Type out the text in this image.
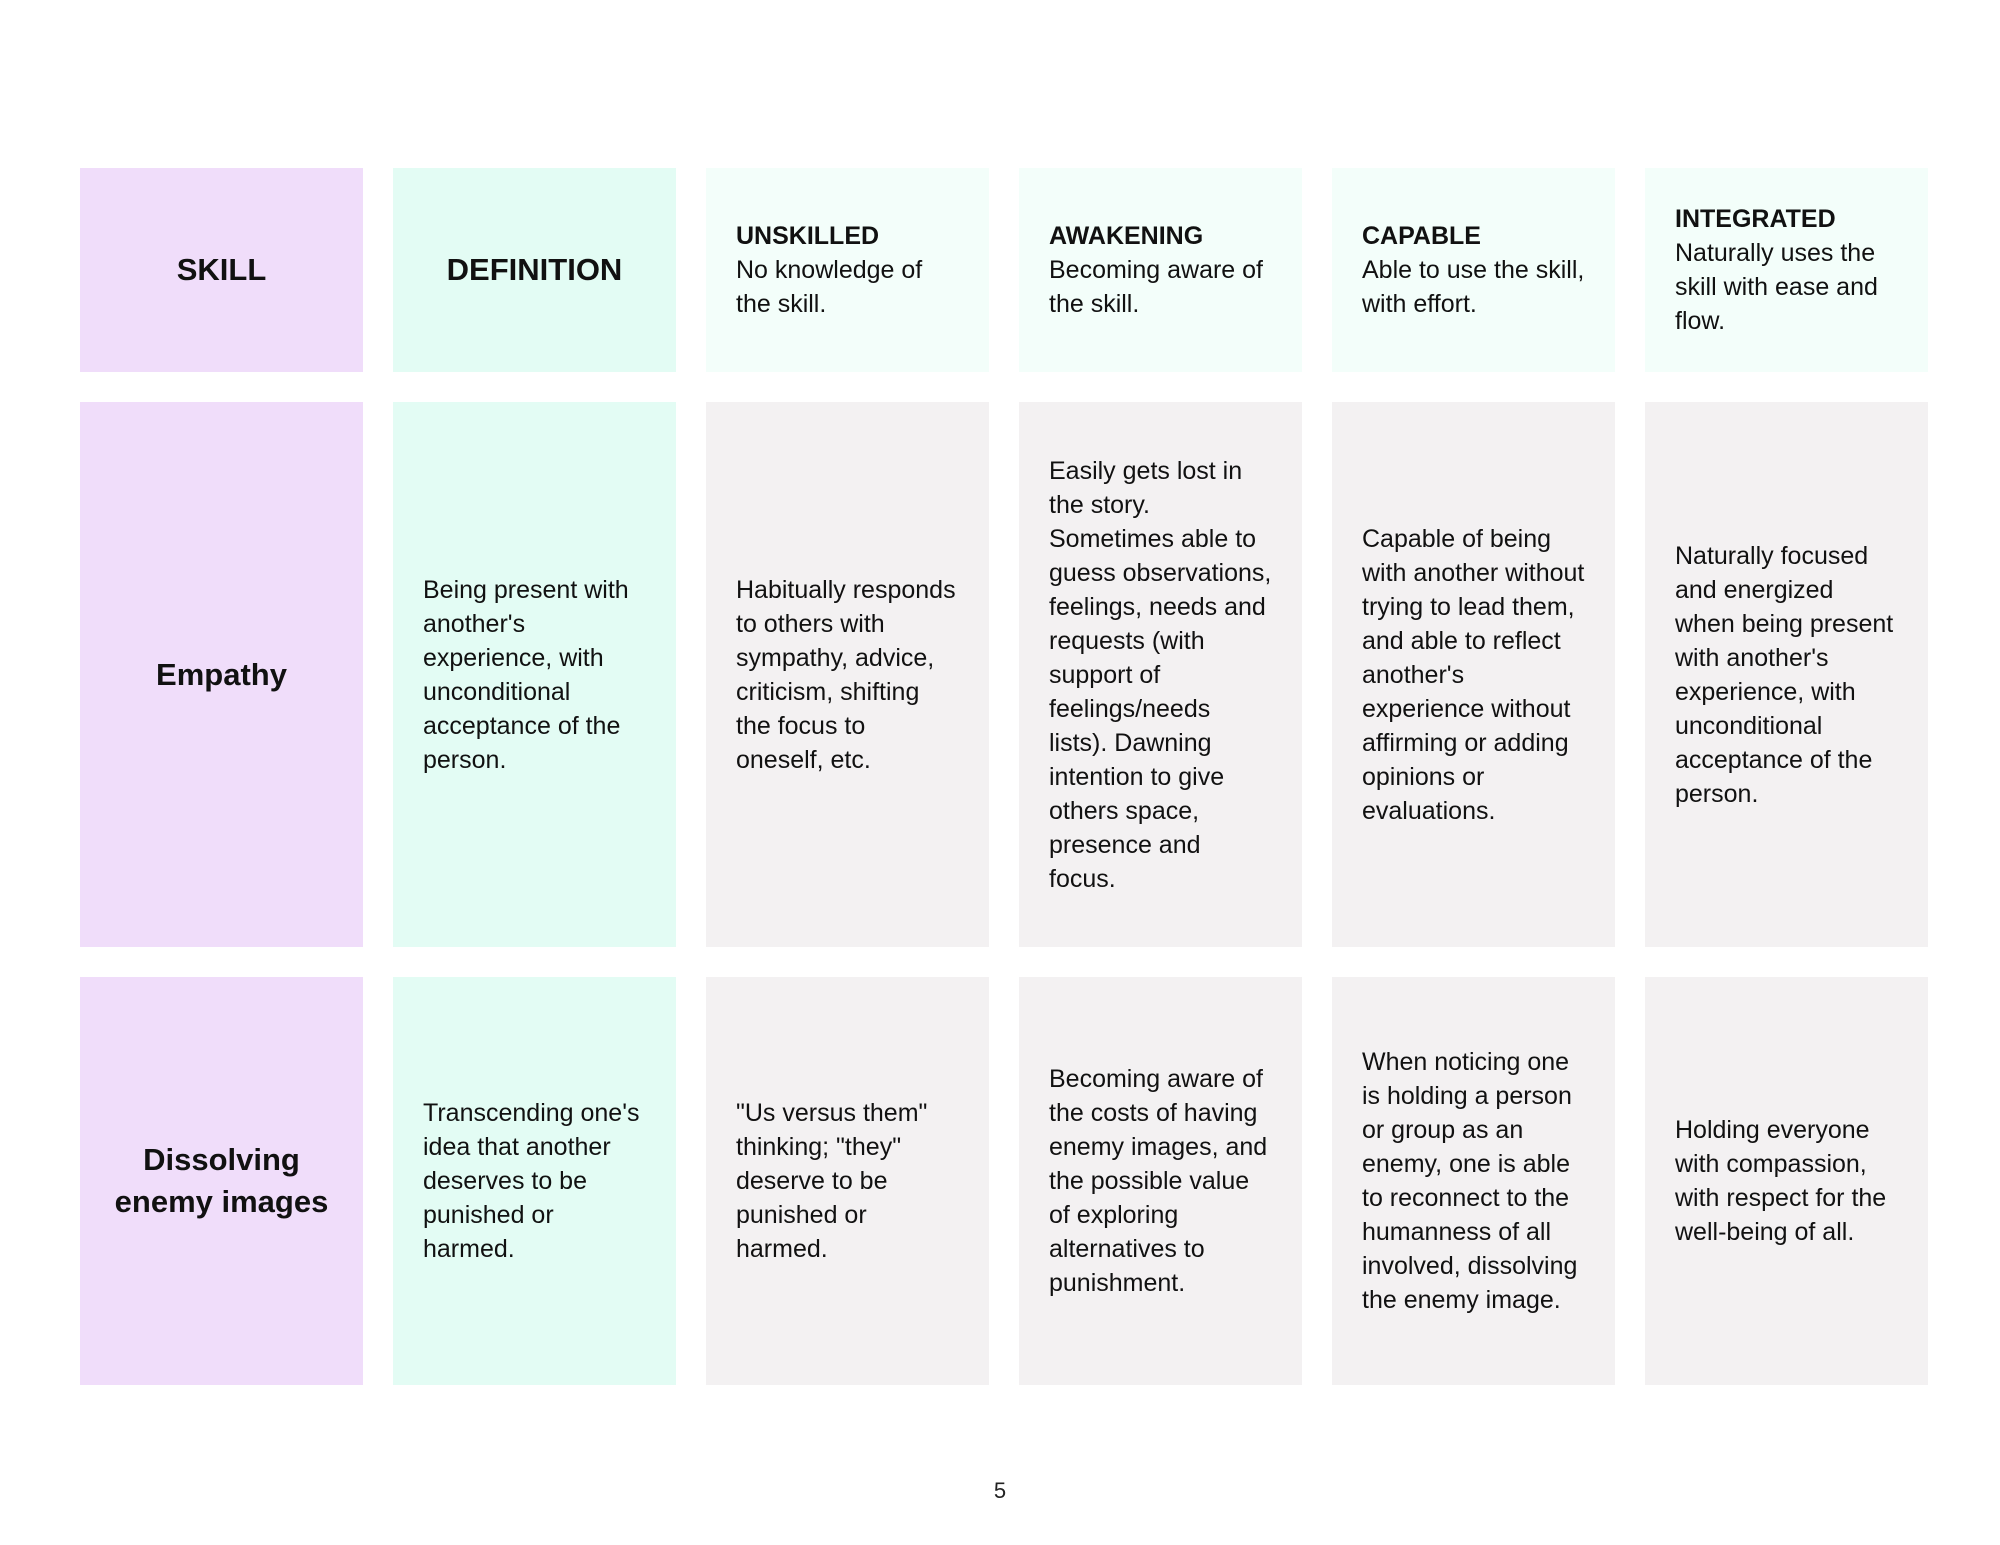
SKILL	DEFINITION
UNSKILLED
No knowledge of the skill.
AWAKENING
Becoming aware of the skill.
CAPABLE
Able to use the skill, with effort.
INTEGRATED
Naturally uses the skill with ease and flow.
Empathy
Being present with another's experience, with unconditional acceptance of the person.
Habitually responds to others with sympathy, advice, criticism, shifting the focus to oneself, etc.
Easily gets lost in the story. Sometimes able to guess observations, feelings, needs and requests (with support of feelings/needs lists). Dawning intention to give others space, presence and focus.
Capable of being with another without trying to lead them, and able to reflect another's experience without affirming or adding opinions or evaluations.
Naturally focused and energized when being present with another's experience, with unconditional acceptance of the person.
Dissolving enemy images
Transcending one's idea that another deserves to be punished or harmed.
"Us versus them" thinking; "they" deserve to be punished or harmed.
Becoming aware of the costs of having enemy images, and the possible value of exploring alternatives to punishment.
When noticing one is holding a person or group as an enemy, one is able to reconnect to the humanness of all involved, dissolving the enemy image.
Holding everyone with compassion, with respect for the well-being of all.
5
